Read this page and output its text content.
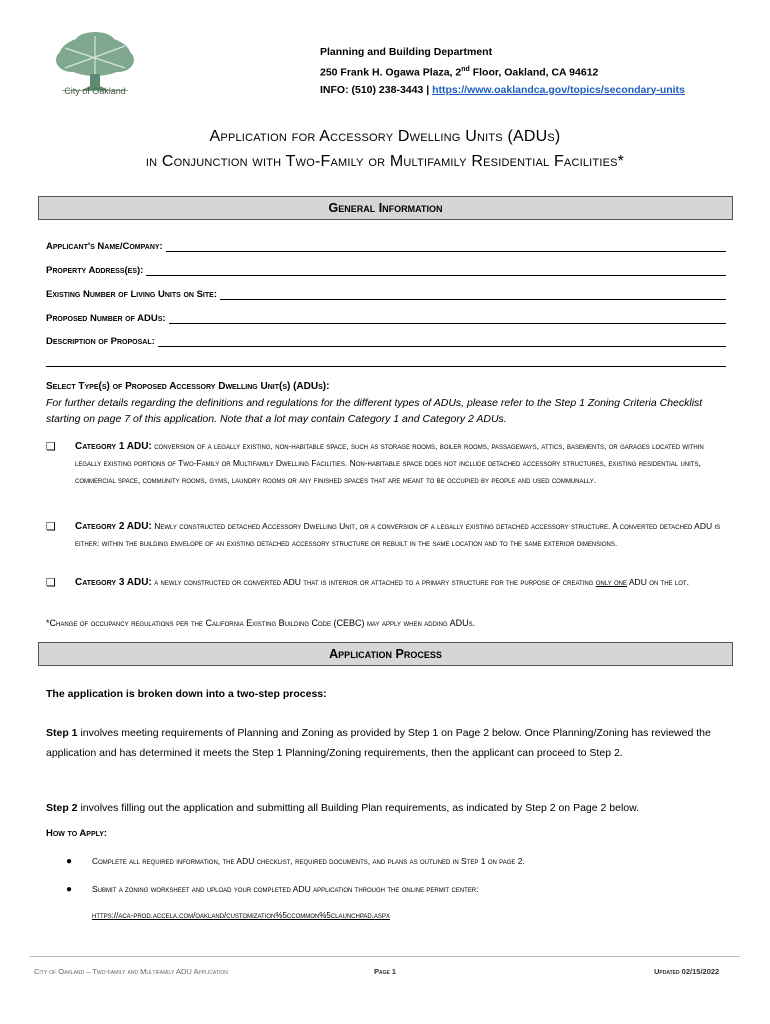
City of Oakland
Planning and Building Department
250 Frank H. Ogawa Plaza, 2nd Floor, Oakland, CA 94612
INFO: (510) 238-3443 | https://www.oaklandca.gov/topics/secondary-units
Application for Accessory Dwelling Units (ADUs)
in Conjunction with Two-Family or Multifamily Residential Facilities*
General Information
Applicant's Name/Company:
Property Address(es):
Existing Number of Living Units on Site:
Proposed Number of ADUs:
Description of Proposal:
Select Type(s) of Proposed Accessory Dwelling Unit(s) (ADUs):
For further details regarding the definitions and regulations for the different types of ADUs, please refer to the Step 1 Zoning Criteria Checklist starting on page 7 of this application. Note that a lot may contain Category 1 and Category 2 ADUs.
❑ Category 1 ADU: conversion of a legally existing, non-habitable space, such as storage rooms, boiler rooms, passageways, attics, basements, or garages located within legally existing portions of Two-Family or Multifamily Dwelling Facilities. Non-habitable space does not include detached accessory structures, existing residential units, commercial space, community rooms, gyms, laundry rooms or any finished spaces that are meant to be occupied by people and used communally.
❑ Category 2 ADU: Newly constructed detached Accessory Dwelling Unit, or a conversion of a legally existing detached accessory structure. A converted detached ADU is either: within the building envelope of an existing detached accessory structure or rebuilt in the same location and to the same exterior dimensions.
❑ Category 3 ADU: a newly constructed or converted ADU that is interior or attached to a primary structure for the purpose of creating only one ADU on the lot.
*Change of occupancy regulations per the California Existing Building Code (CEBC) may apply when adding ADUs.
Application Process
The application is broken down into a two-step process:
Step 1 involves meeting requirements of Planning and Zoning as provided by Step 1 on Page 2 below. Once Planning/Zoning has reviewed the application and has determined it meets the Step 1 Planning/Zoning requirements, then the applicant can proceed to Step 2.
Step 2 involves filling out the application and submitting all Building Plan requirements, as indicated by Step 2 on Page 2 below.
How to Apply:
● Complete all required information, the ADU checklist, required documents, and plans as outlined in Step 1 on page 2.
● Submit a zoning worksheet and upload your completed ADU application through the online permit center:
https://aca-prod.accela.com/oakland/customization%5ccommon%5claunchpad.aspx
City of Oakland – Two-family and Multifamily ADU Application	Page 1	Updated 02/15/2022
